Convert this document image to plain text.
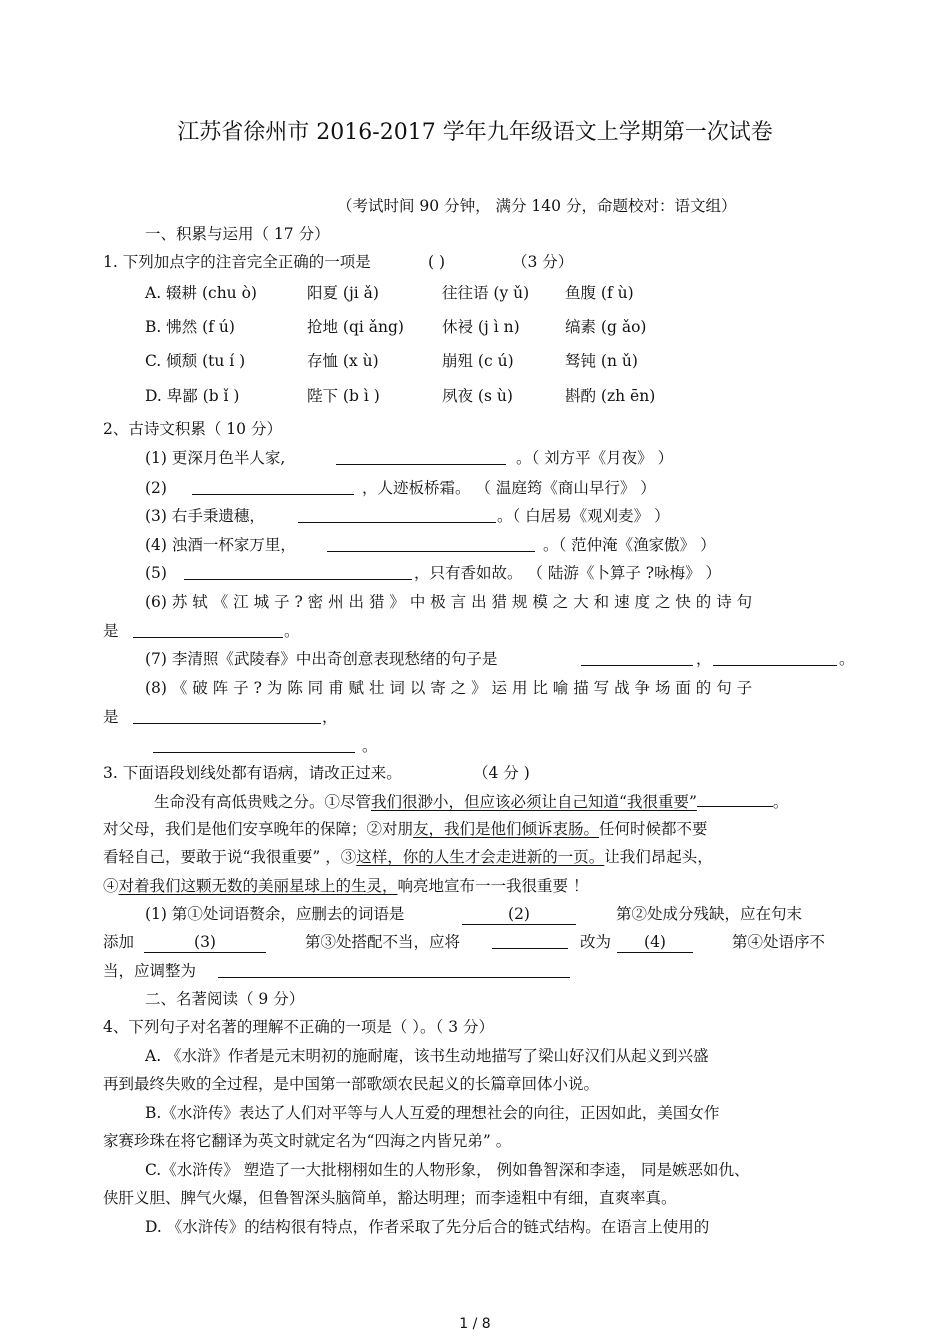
江苏省徐州市 2016-2017 学年九年级语文上学期第一次试卷
（考试时间 90 分钟， 满分 140 分，命题校对：语文组）
一、积累与运用（ 17 分）
1. 下列加点字的注音完全正确的一项是	( )	（3 分）
A. 辍耕 (chu ò)	阳夏 (ji ǎ)	往往语 (y ǔ) 鱼腹 (f ù)
B. 怫然 (f ú)	抢地 (qi ǎng) 休祲 (j ì n)	缟素 (g ǎo)
C. 倾颓 (tu í )	存恤 (x ù)	崩殂 (c ú)	驽钝 (n ǔ)
D. 卑鄙 (b ǐ )	陛下 (b ì )	夙夜 (s ù)	斟酌 (zh ēn)
2、古诗文积累（ 10 分）
(1) 更深月色半人家,	。（ 刘方平《月夜》 ）
(2)	，人迹板桥霜。 （ 温庭筠《商山早行》 ）
(3) 右手秉遗穗，	。（ 白居易《观刈麦》 ）
(4) 浊酒一杯家万里，	。（ 范仲淹《渔家傲》 ）
(5)	，只有香如故。 （ 陆游《卜算子 ?咏梅》 ）
(6) 苏 轼 《 江 城 子 ? 密 州 出 猎 》 中 极 言 出 猎 规 模 之 大 和 速 度 之 快 的 诗 句
是	。
(7) 李清照《武陵春》中出奇创意表现愁绪的句子是	，	。
(8) 《 破 阵 子 ? 为 陈 同 甫 赋 壮 词 以 寄 之 》 运 用 比 喻 描 写 战 争 场 面 的 句 子
是	，
。
3. 下面语段划线处都有语病，请改正过来。	（4 分 )
生命没有高低贵贱之分。①尽管我们很渺小，但应该必须让自己知道“我很重要”	。
对父母，我们是他们安享晚年的保障；②对朋友，我们是他们倾诉衷肠。任何时候都不要
看轻自己，要敢于说“我很重要” ，③这样，你的人生才会走进新的一页。让我们昂起头，
④对着我们这颗无数的美丽星球上的生灵，响亮地宣布一一我很重要 ！
(1) 第①处词语赘余，应删去的词语是	(2)	第②处成分残缺，应在句末
添加	(3)	第③处搭配不当，应将	改为	(4)	第④处语序不
当，应调整为
二、名著阅读（ 9 分）
4、下列句子对名著的理解不正确的一项是（ ）。（ 3 分）
A. 《水浒》作者是元末明初的施耐庵，该书生动地描写了梁山好汉们从起义到兴盛
再到最终失败的全过程，是中国第一部歌颂农民起义的长篇章回体小说。
B.《水浒传》表达了人们对平等与人人互爱的理想社会的向往，正因如此，美国女作
家赛珍珠在将它翻译为英文时就定名为“四海之内皆兄弟” 。
C.《水浒传》 塑造了一大批栩栩如生的人物形象， 例如鲁智深和李逵， 同是嫉恶如仇、
侠肝义胆、脾气火爆，但鲁智深头脑简单，豁达明理；而李逵粗中有细，直爽率真。
D. 《水浒传》的结构很有特点，作者采取了先分后合的链式结构。在语言上使用的
1 / 8
